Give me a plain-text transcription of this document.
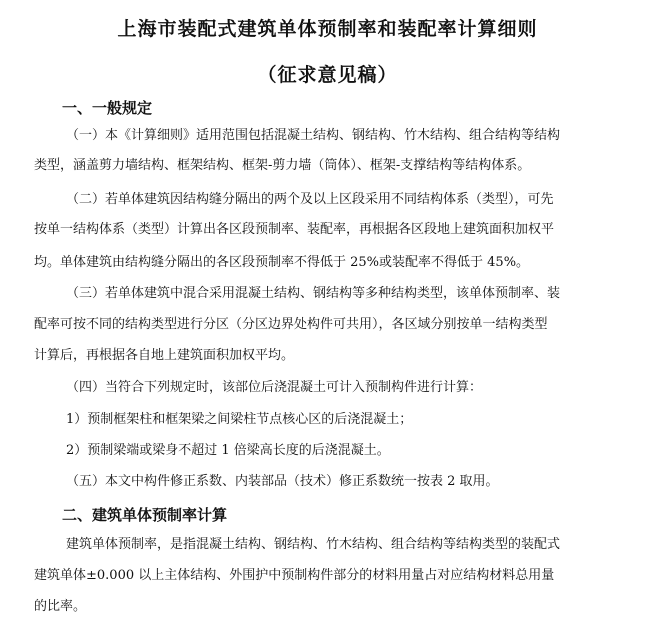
上海市装配式建筑单体预制率和装配率计算细则
（征求意见稿）
一、一般规定
（一）本《计算细则》适用范围包括混凝土结构、钢结构、竹木结构、组合结构等结构
类型，涵盖剪力墙结构、框架结构、框架-剪力墙（筒体）、框架-支撑结构等结构体系。
（二）若单体建筑因结构缝分隔出的两个及以上区段采用不同结构体系（类型），可先
按单一结构体系（类型）计算出各区段预制率、装配率，再根据各区段地上建筑面积加权平
均。单体建筑由结构缝分隔出的各区段预制率不得低于 25%或装配率不得低于 45%。
（三）若单体建筑中混合采用混凝土结构、钢结构等多种结构类型，该单体预制率、装
配率可按不同的结构类型进行分区（分区边界处构件可共用），各区域分别按单一结构类型
计算后，再根据各自地上建筑面积加权平均。
（四）当符合下列规定时，该部位后浇混凝土可计入预制构件进行计算：
1）预制框架柱和框架梁之间梁柱节点核心区的后浇混凝土；
2）预制梁端或梁身不超过 1 倍梁高长度的后浇混凝土。
（五）本文中构件修正系数、内装部品（技术）修正系数统一按表 2 取用。
二、建筑单体预制率计算
建筑单体预制率，是指混凝土结构、钢结构、竹木结构、组合结构等结构类型的装配式
建筑单体±0.000 以上主体结构、外围护中预制构件部分的材料用量占对应结构材料总用量
的比率。
